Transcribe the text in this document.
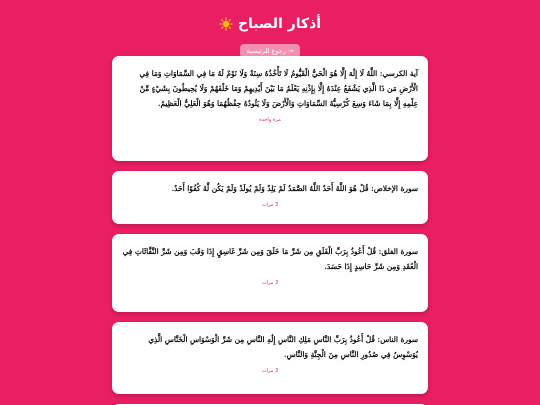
أذكار الصباح
→ رجوع للرئيسية
آية الكرسي: اللَّهُ لَا إِلَٰهَ إِلَّا هُوَ الْحَيُّ الْقَيُّومُ لَا تَأْخُذُهُ سِنَةٌ وَلَا نَوْمٌ لَهُ مَا فِي السَّمَاوَاتِ وَمَا فِي الْأَرْضِ مَن ذَا الَّذِي يَشْفَعُ عِنْدَهُ إِلَّا بِإِذْنِهِ يَعْلَمُ مَا بَيْنَ أَيْدِيهِمْ وَمَا خَلْفَهُمْ وَلَا يُحِيطُونَ بِشَيْءٍ مِّنْ عِلْمِهِ إِلَّا بِمَا شَاءَ وَسِعَ كُرْسِيُّهُ السَّمَاوَاتِ وَالْأَرْضَ وَلَا يَئُودُهُ حِفْظُهُمَا وَهُوَ الْعَلِيُّ الْعَظِيمُ.
مرة واحدة
سورة الإخلاص: قُلْ هُوَ اللَّهُ أَحَدٌ اللَّهُ الصَّمَدُ لَمْ يَلِدْ وَلَمْ يُولَدْ وَلَمْ يَكُن لَّهُ كُفُوًا أَحَدٌ.
3 مرات
سورة الفلق: قُلْ أَعُوذُ بِرَبِّ الْفَلَقِ مِن شَرِّ مَا خَلَقَ وَمِن شَرِّ غَاسِقٍ إِذَا وَقَبَ وَمِن شَرِّ النَّفَّاثَاتِ فِي الْعُقَدِ وَمِن شَرِّ حَاسِدٍ إِذَا حَسَدَ.
3 مرات
سورة الناس: قُلْ أَعُوذُ بِرَبِّ النَّاسِ مَلِكِ النَّاسِ إِلَٰهِ النَّاسِ مِن شَرِّ الْوَسْوَاسِ الْخَنَّاسِ الَّذِي يُوَسْوِسُ فِي صُدُورِ النَّاسِ مِنَ الْجِنَّةِ وَالنَّاسِ.
3 مرات
